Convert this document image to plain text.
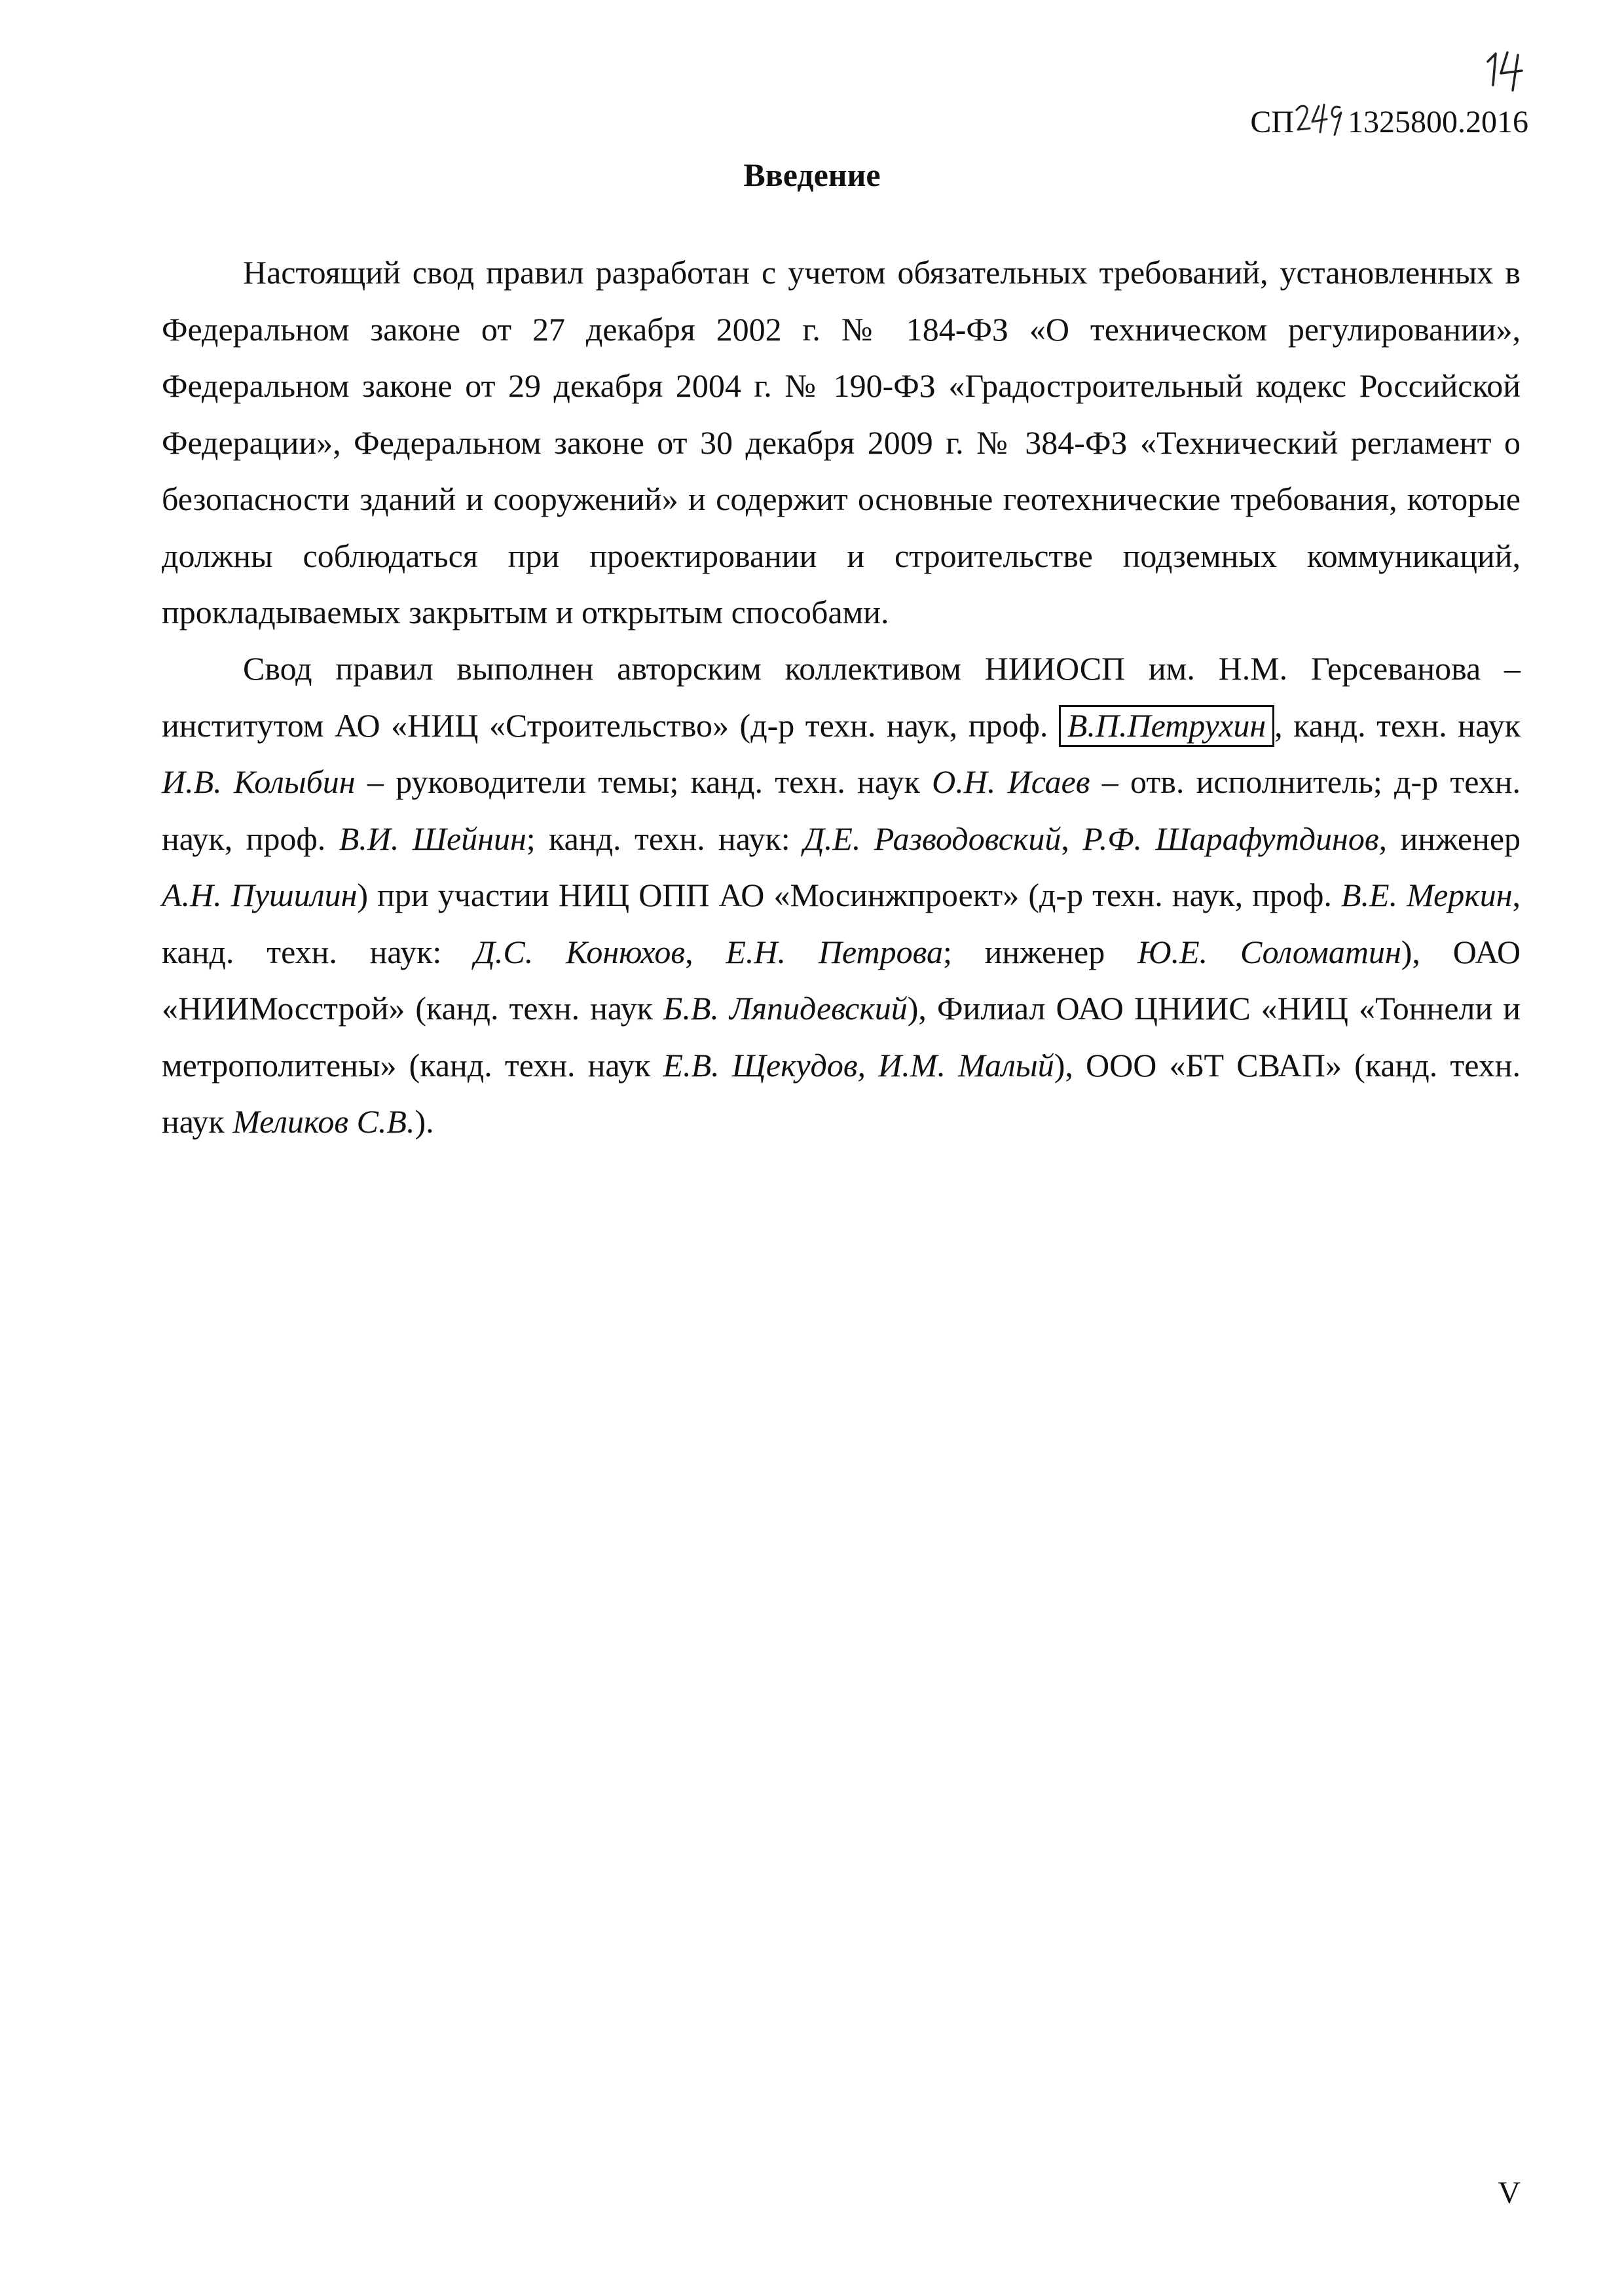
СП 1325800.2016
Введение

Настоящий свод правил разработан с учетом обязательных требований, установленных в Федеральном законе от 27 декабря 2002 г. № 184-ФЗ «О техническом регулировании», Федеральном законе от 29 декабря 2004 г. № 190-ФЗ «Градостроительный кодекс Российской Федерации», Федеральном законе от 30 декабря 2009 г. № 384-ФЗ «Технический регламент о безопасности зданий и сооружений» и содержит основные геотехнические требования, которые должны соблюдаться при проектировании и строительстве подземных коммуникаций, прокладываемых закрытым и открытым способами.

Свод правил выполнен авторским коллективом НИИОСП им. Н.М. Герсеванова – институтом АО «НИЦ «Строительство» (д-р техн. наук, проф. В.П.Петрухин , канд. техн. наук И.В. Колыбин – руководители темы; канд. техн. наук О.Н. Исаев – отв. исполнитель; д-р техн. наук, проф. В.И. Шейнин; канд. техн. наук: Д.Е. Разводовский, Р.Ф. Шарафутдинов, инженер А.Н. Пушилин) при участии НИЦ ОПП АО «Мосинжпроект» (д-р техн. наук, проф. В.Е. Меркин, канд. техн. наук: Д.С. Конюхов, Е.Н. Петрова; инженер Ю.Е. Соломатин), ОАО «НИИМосстрой» (канд. техн. наук Б.В. Ляпидевский), Филиал ОАО ЦНИИС «НИЦ «Тоннели и метрополитены» (канд. техн. наук Е.В. Щекудов, И.М. Малый), ООО «БТ СВАП» (канд. техн. наук Меликов С.В.).

V
